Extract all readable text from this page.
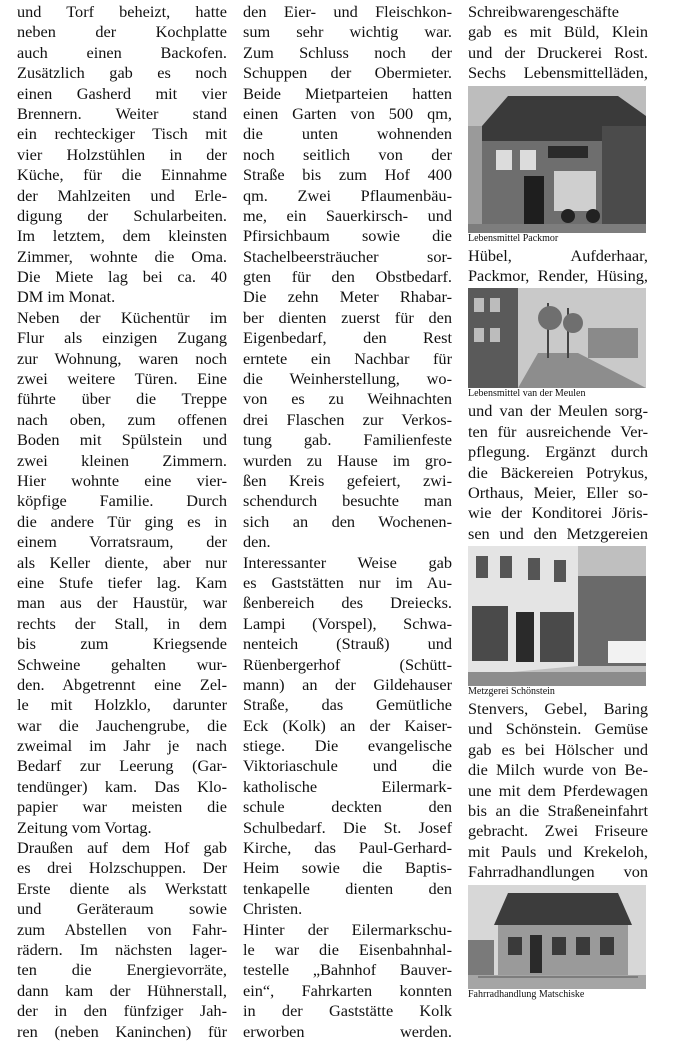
und Torf beheizt, hatte
neben der Kochplatte
auch einen Backofen.
Zusätzlich gab es noch
einen Gasherd mit vier
Brennern. Weiter stand
ein rechteckiger Tisch mit
vier Holzstühlen in der
Küche, für die Einnahme
der Mahlzeiten und Erle-
digung der Schularbeiten.
Im letztem, dem kleinsten
Zimmer, wohnte die Oma.
Die Miete lag bei ca. 40
DM im Monat.
Neben der Küchentür im
Flur als einzigen Zugang
zur Wohnung, waren noch
zwei weitere Türen. Eine
führte über die Treppe
nach oben, zum offenen
Boden mit Spülstein und
zwei kleinen Zimmern.
Hier wohnte eine vier-
köpfige Familie. Durch
die andere Tür ging es in
einem Vorratsraum, der
als Keller diente, aber nur
eine Stufe tiefer lag. Kam
man aus der Haustür, war
rechts der Stall, in dem
bis zum Kriegsende
Schweine gehalten wur-
den. Abgetrennt eine Zel-
le mit Holzklo, darunter
war die Jauchengrube, die
zweimal im Jahr je nach
Bedarf zur Leerung (Gar-
tendünger) kam. Das Klo-
papier war meisten die
Zeitung vom Vortag.
Draußen auf dem Hof gab
es drei Holzschuppen. Der
Erste diente als Werkstatt
und Geräteraum sowie
zum Abstellen von Fahr-
rädern. Im nächsten lager-
ten die Energievorräte,
dann kam der Hühnerstall,
der in den fünfziger Jah-
ren (neben Kaninchen) für
den Eier- und Fleischkon-
sum sehr wichtig war.
Zum Schluss noch der
Schuppen der Obermieter.
Beide Mietparteien hatten
einen Garten von 500 qm,
die unten wohnenden
noch seitlich von der
Straße bis zum Hof 400
qm. Zwei Pflaumenbäu-
me, ein Sauerkirsch- und
Pfirsichbaum sowie die
Stachelbeersträucher sor-
gten für den Obstbedarf.
Die zehn Meter Rhabar-
ber dienten zuerst für den
Eigenbedarf, den Rest
erntete ein Nachbar für
die Weinherstellung, wo-
von es zu Weihnachten
drei Flaschen zur Verkos-
tung gab. Familienfeste
wurden zu Hause im gro-
ßen Kreis gefeiert, zwi-
schendurch besuchte man
sich an den Wochenen-
den.
Interessanter Weise gab
es Gaststätten nur im Au-
ßenbereich des Dreiecks.
Lampi (Vorspel), Schwa-
nenteich (Strauß) und
Rüenbergerhof (Schütt-
mann) an der Gildehauser
Straße, das Gemütliche
Eck (Kolk) an der Kaiser-
stiege. Die evangelische
Viktoriaschule und die
katholische Eilermark-
schule deckten den
Schulbedarf. Die St. Josef
Kirche, das Paul-Gerhard-
Heim sowie die Baptis-
tenkapelle dienten den
Christen.
Hinter der Eilermarkschu-
le war die Eisenbahnhal-
testelle „Bahnhof Bauver-
ein“, Fahrkarten konnten
in der Gaststätte Kolk
erworben werden.
Schreibwarengeschäfte
gab es mit Büld, Klein
und der Druckerei Rost.
Sechs Lebensmittelläden,
Lebensmittel Packmor
Hübel, Aufderhaar,
Packmor, Render, Hüsing,
Lebensmittel van der Meulen
und van der Meulen sorg-
ten für ausreichende Ver-
pflegung. Ergänzt durch
die Bäckereien Potrykus,
Orthaus, Meier, Eller so-
wie der Konditorei Jöris-
sen und den Metzgereien
Metzgerei Schönstein
Stenvers, Gebel, Baring
und Schönstein. Gemüse
gab es bei Hölscher und
die Milch wurde von Be-
une mit dem Pferdewagen
bis an die Straßeneinfahrt
gebracht. Zwei Friseure
mit Pauls und Krekeloh,
Fahrradhandlungen von
Fahrradhandlung Matschiske
